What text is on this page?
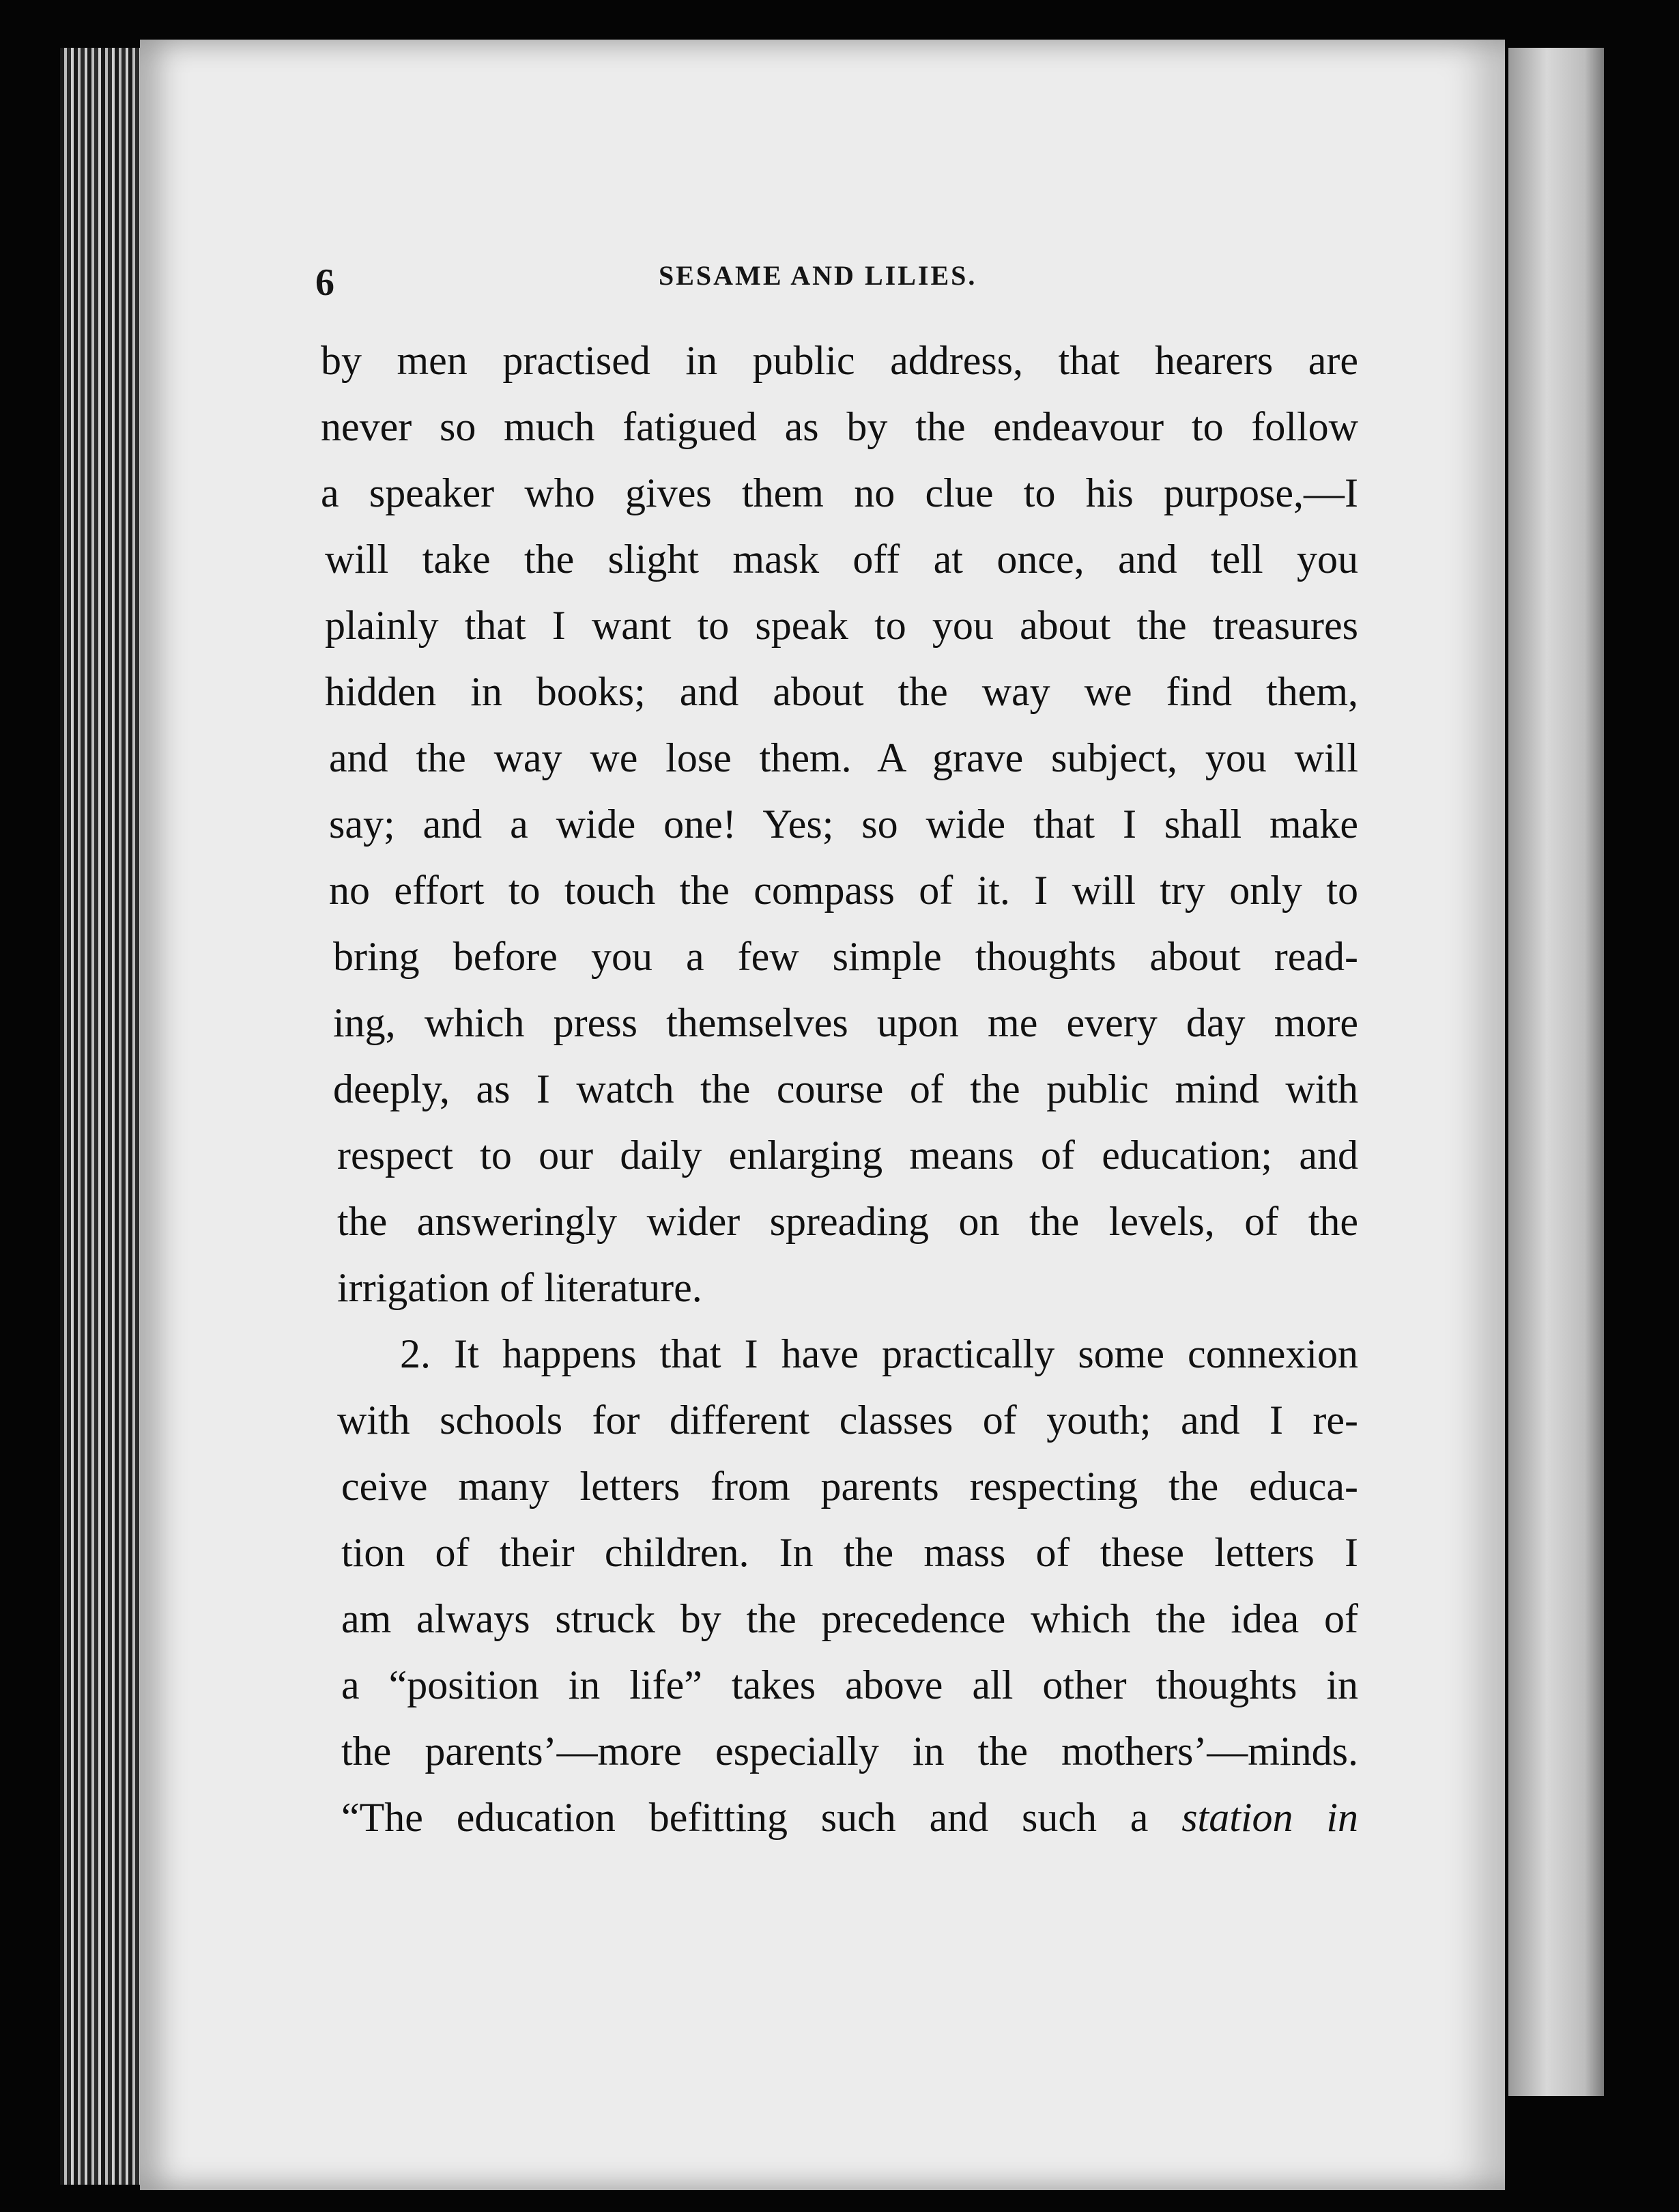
6	SESAME AND LILIES.
by men practised in public address, that hearers are
never so much fatigued as by the endeavour to follow
a speaker who gives them no clue to his purpose,—I
will take the slight mask off at once, and tell you
plainly that I want to speak to you about the treasures
hidden in books; and about the way we find them,
and the way we lose them. A grave subject, you will
say; and a wide one! Yes; so wide that I shall make
no effort to touch the compass of it. I will try only to
bring before you a few simple thoughts about read-
ing, which press themselves upon me every day more
deeply, as I watch the course of the public mind with
respect to our daily enlarging means of education; and
the answeringly wider spreading on the levels, of the
irrigation of literature.
2. It happens that I have practically some connexion
with schools for different classes of youth; and I re-
ceive many letters from parents respecting the educa-
tion of their children. In the mass of these letters I
am always struck by the precedence which the idea of
a “position in life” takes above all other thoughts in
the parents’—more especially in the mothers’—minds.
“The education befitting such and such a station in
